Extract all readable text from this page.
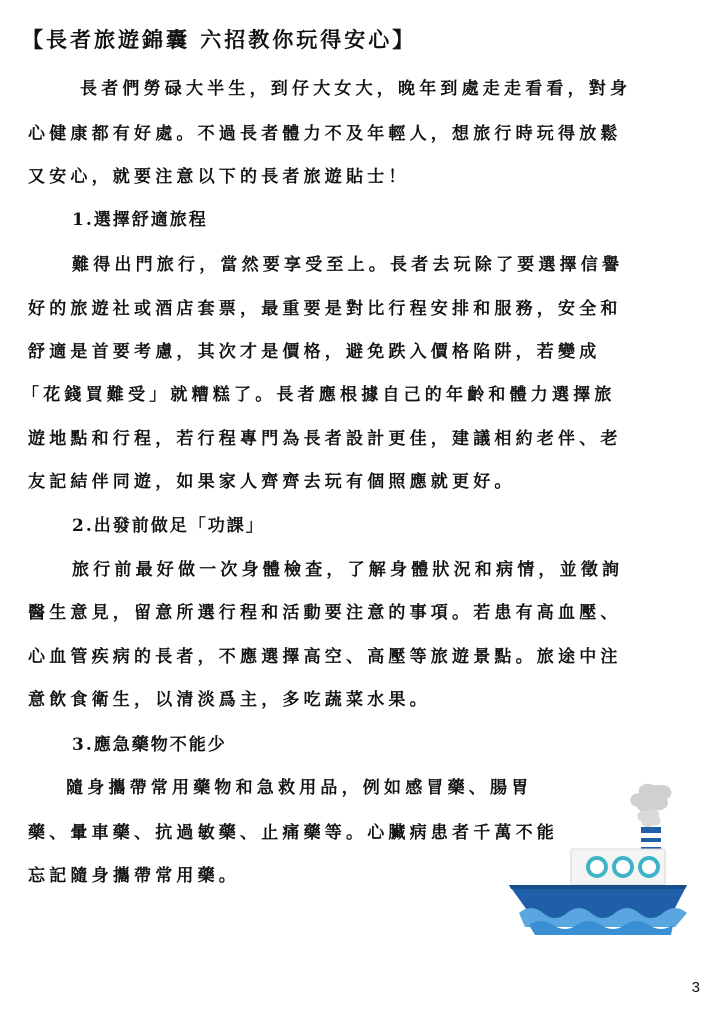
【長者旅遊錦囊 六招教你玩得安心】
長者們勞碌大半生，到仔大女大，晚年到處走走看看，對身
心健康都有好處。不過長者體力不及年輕人，想旅行時玩得放鬆
又安心，就要注意以下的長者旅遊貼士！
1.選擇舒適旅程
難得出門旅行，當然要享受至上。長者去玩除了要選擇信譽
好的旅遊社或酒店套票，最重要是對比行程安排和服務，安全和
舒適是首要考慮，其次才是價格，避免跌入價格陷阱，若變成
「花錢買難受」就糟糕了。長者應根據自己的年齡和體力選擇旅
遊地點和行程，若行程專門為長者設計更佳，建議相約老伴、老
友記結伴同遊，如果家人齊齊去玩有個照應就更好。
2.出發前做足「功課」
旅行前最好做一次身體檢查，了解身體狀況和病情，並徵詢
醫生意見，留意所選行程和活動要注意的事項。若患有高血壓、
心血管疾病的長者，不應選擇高空、高壓等旅遊景點。旅途中注
意飲食衛生，以清淡爲主，多吃蔬菜水果。
3.應急藥物不能少
隨身攜帶常用藥物和急救用品，例如感冒藥、腸胃
藥、暈車藥、抗過敏藥、止痛藥等。心臟病患者千萬不能
忘記隨身攜帶常用藥。
3
